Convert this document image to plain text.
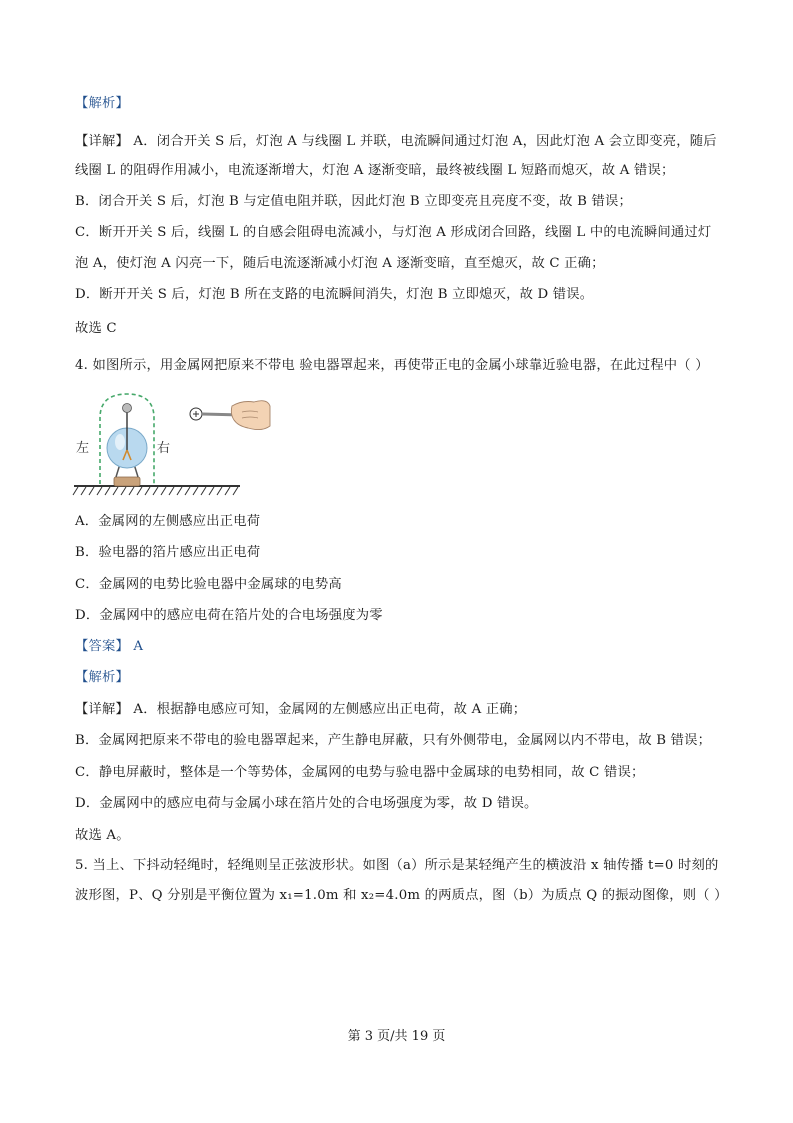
【解析】
【详解】 A．闭合开关 S 后，灯泡 A 与线圈 L 并联，电流瞬间通过灯泡 A，因此灯泡 A 会立即变亮，随后
线圈 L 的阻碍作用减小，电流逐渐增大，灯泡 A 逐渐变暗，最终被线圈 L 短路而熄灭，故 A 错误；
B．闭合开关 S 后，灯泡 B 与定值电阻并联，因此灯泡 B 立即变亮且亮度不变，故 B 错误；
C．断开开关 S 后，线圈 L 的自感会阻碍电流减小，与灯泡 A 形成闭合回路，线圈 L 中的电流瞬间通过灯
泡 A，使灯泡 A 闪亮一下，随后电流逐渐减小灯泡 A 逐渐变暗，直至熄灭，故 C 正确；
D．断开开关 S 后，灯泡 B 所在支路的电流瞬间消失，灯泡 B 立即熄灭，故 D 错误。
故选 C
4. 如图所示，用金属网把原来不带电 验电器罩起来，再使带正电的金属小球靠近验电器，在此过程中（ ）
左	右
A．金属网的左侧感应出正电荷
B．验电器的箔片感应出正电荷
C．金属网的电势比验电器中金属球的电势高
D．金属网中的感应电荷在箔片处的合电场强度为零
【答案】 A
【解析】
【详解】 A．根据静电感应可知，金属网的左侧感应出正电荷，故 A 正确；
B．金属网把原来不带电的验电器罩起来，产生静电屏蔽，只有外侧带电，金属网以内不带电，故 B 错误；
C．静电屏蔽时，整体是一个等势体，金属网的电势与验电器中金属球的电势相同，故 C 错误；
D．金属网中的感应电荷与金属小球在箔片处的合电场强度为零，故 D 错误。
故选 A。
5. 当上、下抖动轻绳时，轻绳则呈正弦波形状。如图（a）所示是某轻绳产生的横波沿 x 轴传播 t=0 时刻的
波形图，P、Q 分别是平衡位置为 x₁=1.0m 和 x₂=4.0m 的两质点，图（b）为质点 Q 的振动图像，则（ ）
第 3 页/共 19 页
